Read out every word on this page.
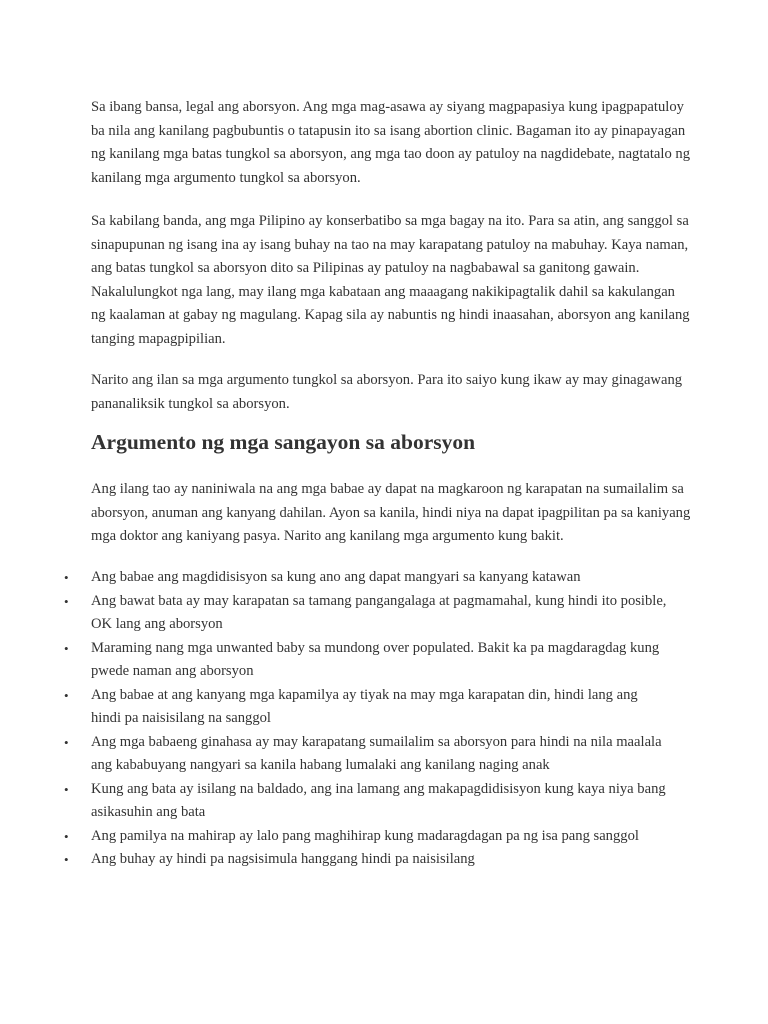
Sa ibang bansa, legal ang aborsyon. Ang mga mag-asawa ay siyang magpapasiya kung ipagpapatuloy ba nila ang kanilang pagbubuntis o tatapusin ito sa isang abortion clinic. Bagaman ito ay pinapayagan ng kanilang mga batas tungkol sa aborsyon, ang mga tao doon ay patuloy na nagdidebate, nagtatalo ng kanilang mga argumento tungkol sa aborsyon.

Sa kabilang banda, ang mga Pilipino ay konserbatibo sa mga bagay na ito. Para sa atin, ang sanggol sa sinapupunan ng isang ina ay isang buhay na tao na may karapatang patuloy na mabuhay. Kaya naman, ang batas tungkol sa aborsyon dito sa Pilipinas ay patuloy na nagbabawal sa ganitong gawain. Nakalulungkot nga lang, may ilang mga kabataan ang maaagang nakikipagtalik dahil sa kakulangan ng kaalaman at gabay ng magulang. Kapag sila ay nabuntis ng hindi inaasahan, aborsyon ang kanilang tanging mapagpipilian.

Narito ang ilan sa mga argumento tungkol sa aborsyon. Para ito saiyo kung ikaw ay may ginagawang pananaliksik tungkol sa aborsyon.

Argumento ng mga sangayon sa aborsyon

Ang ilang tao ay naniniwala na ang mga babae ay dapat na magkaroon ng karapatan na sumailalim sa aborsyon, anuman ang kanyang dahilan. Ayon sa kanila, hindi niya na dapat ipagpilitan pa sa kaniyang mga doktor ang kaniyang pasya. Narito ang kanilang mga argumento kung bakit.

• Ang babae ang magdidisisyon sa kung ano ang dapat mangyari sa kanyang katawan
• Ang bawat bata ay may karapatan sa tamang pangangalaga at pagmamahal, kung hindi ito posible, OK lang ang aborsyon
• Maraming nang mga unwanted baby sa mundong over populated. Bakit ka pa magdaragdag kung pwede naman ang aborsyon
• Ang babae at ang kanyang mga kapamilya ay tiyak na may mga karapatan din, hindi lang ang hindi pa naisisilang na sanggol
• Ang mga babaeng ginahasa ay may karapatang sumailalim sa aborsyon para hindi na nila maalala ang kababuyang nangyari sa kanila habang lumalaki ang kanilang naging anak
• Kung ang bata ay isilang na baldado, ang ina lamang ang makapagdidisisyon kung kaya niya bang asikasuhin ang bata
• Ang pamilya na mahirap ay lalo pang maghihirap kung madaragdagan pa ng isa pang sanggol
• Ang buhay ay hindi pa nagsisimula hanggang hindi pa naisisilang
